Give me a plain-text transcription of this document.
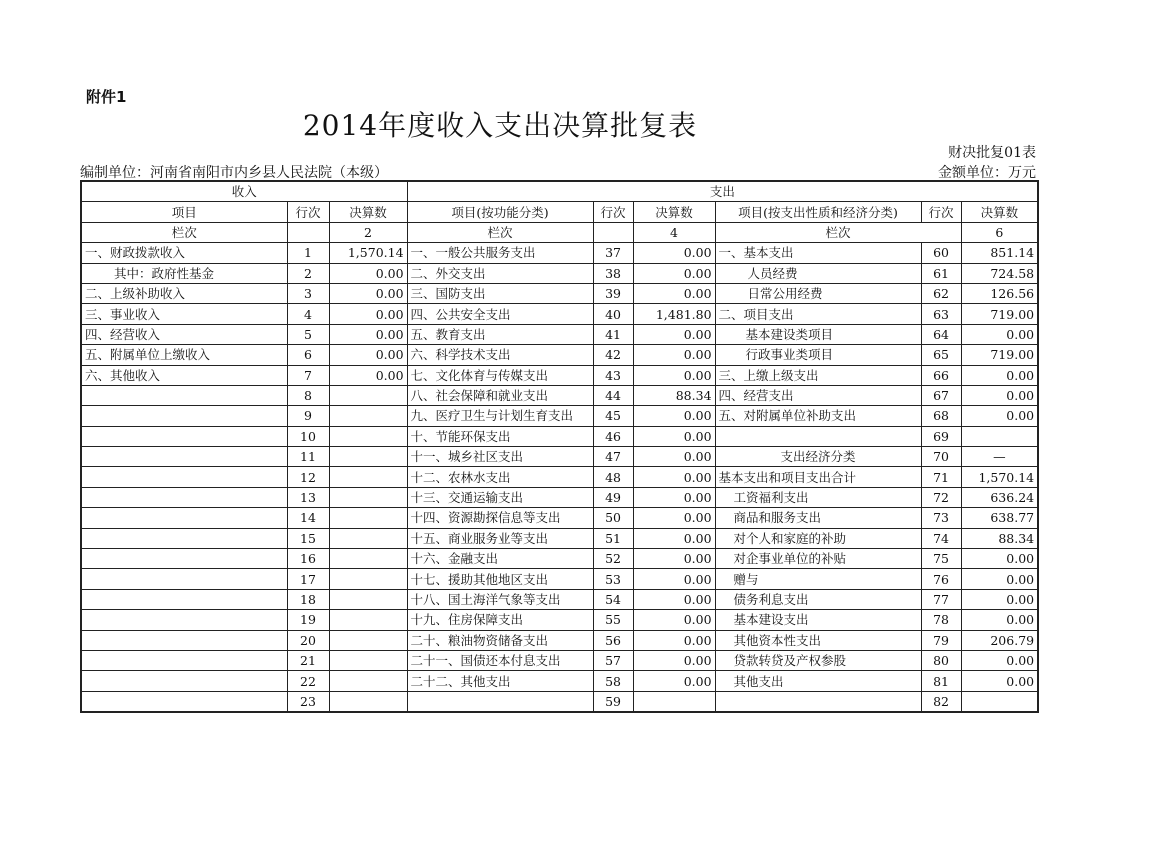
附件1
2014年度收入支出决算批复表
财决批复01表
编制单位：河南省南阳市内乡县人民法院（本级）	金额单位：万元
收入			支出					
项目	行次	决算数	项目(按功能分类)	行次	决算数	项目(按支出性质和经济分类)	行次	决算数
栏次		2	栏次		4	栏次		6
一、财政拨款收入	1	1,570.14	一、一般公共服务支出	37	0.00	一、基本支出	60	851.14
其中：政府性基金	2	0.00	二、外交支出	38	0.00	人员经费	61	724.58
二、上级补助收入	3	0.00	三、国防支出	39	0.00	日常公用经费	62	126.56
三、事业收入	4	0.00	四、公共安全支出	40	1,481.80	二、项目支出	63	719.00
四、经营收入	5	0.00	五、教育支出	41	0.00	基本建设类项目	64	0.00
五、附属单位上缴收入	6	0.00	六、科学技术支出	42	0.00	行政事业类项目	65	719.00
六、其他收入	7	0.00	七、文化体育与传媒支出	43	0.00	三、上缴上级支出	66	0.00
	8		八、社会保障和就业支出	44	88.34	四、经营支出	67	0.00
	9		九、医疗卫生与计划生育支出	45	0.00	五、对附属单位补助支出	68	0.00
	10		十、节能环保支出	46	0.00		69	
	11		十一、城乡社区支出	47	0.00	支出经济分类	70	—
	12		十二、农林水支出	48	0.00	基本支出和项目支出合计	71	1,570.14
	13		十三、交通运输支出	49	0.00	工资福利支出	72	636.24
	14		十四、资源勘探信息等支出	50	0.00	商品和服务支出	73	638.77
	15		十五、商业服务业等支出	51	0.00	对个人和家庭的补助	74	88.34
	16		十六、金融支出	52	0.00	对企事业单位的补贴	75	0.00
	17		十七、援助其他地区支出	53	0.00	赠与	76	0.00
	18		十八、国土海洋气象等支出	54	0.00	债务利息支出	77	0.00
	19		十九、住房保障支出	55	0.00	基本建设支出	78	0.00
	20		二十、粮油物资储备支出	56	0.00	其他资本性支出	79	206.79
	21		二十一、国债还本付息支出	57	0.00	贷款转贷及产权参股	80	0.00
	22		二十二、其他支出	58	0.00	其他支出	81	0.00
	23			59			82	
